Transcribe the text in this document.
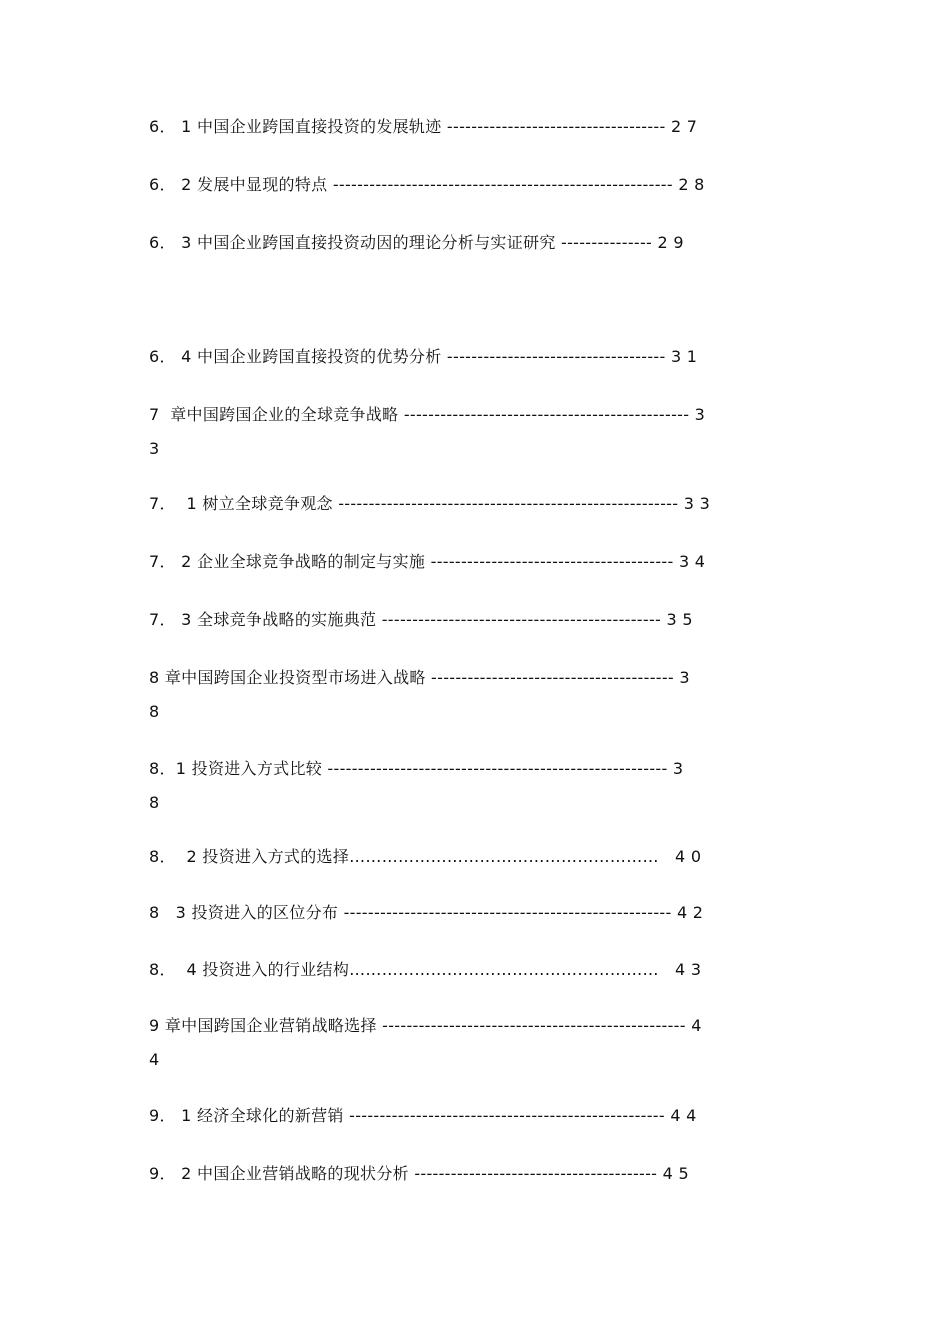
6． 1 中国企业跨国直接投资的发展轨迹 ------------------------------------ 2 7
6． 2 发展中显现的特点 -------------------------------------------------------- 2 8
6． 3 中国企业跨国直接投资动因的理论分析与实证研究 --------------- 2 9
6． 4 中国企业跨国直接投资的优势分析 ------------------------------------ 3 1
7  章中国跨国企业的全球竞争战略 ----------------------------------------------- 3
3
7．  1 树立全球竞争观念 -------------------------------------------------------- 3 3
7． 2 企业全球竞争战略的制定与实施 ---------------------------------------- 3 4
7． 3 全球竞争战略的实施典范 ---------------------------------------------- 3 5
8 章中国跨国企业投资型市场进入战略 ---------------------------------------- 3
8
8．1 投资进入方式比较 -------------------------------------------------------- 3
8
8．  2 投资进入方式的选择…………………………………………………   4 0
8   3 投资进入的区位分布 ------------------------------------------------------ 4 2
8．  4 投资进入的行业结构…………………………………………………   4 3
9 章中国跨国企业营销战略选择 -------------------------------------------------- 4
4
9． 1 经济全球化的新营销 ---------------------------------------------------- 4 4
9． 2 中国企业营销战略的现状分析 ---------------------------------------- 4 5
